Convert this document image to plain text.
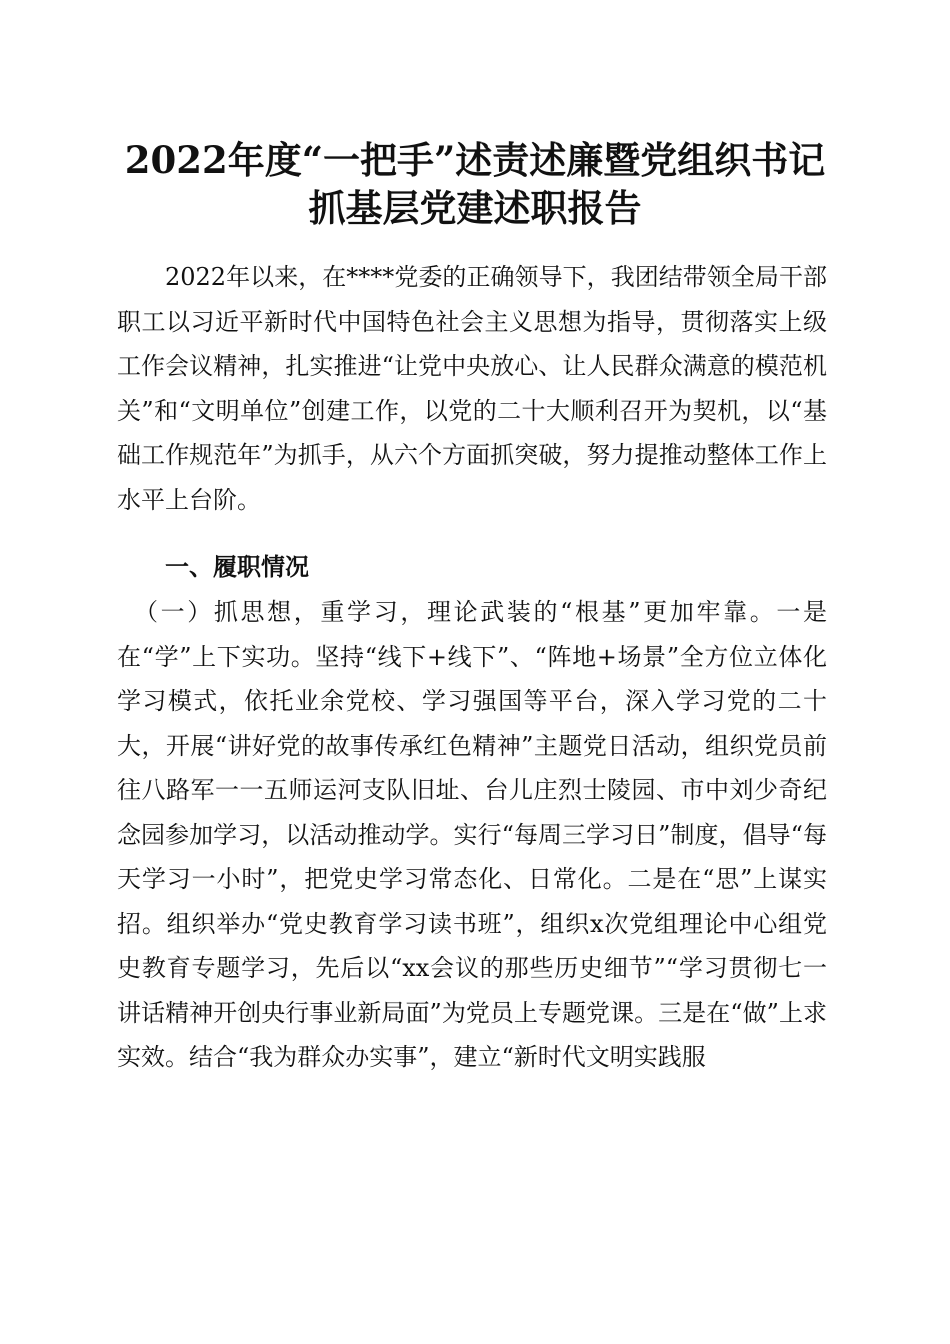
2022年度“一把手”述责述廉暨党组织书记
抓基层党建述职报告

2022年以来，在****党委的正确领导下，我团结带领全局干部职工以习近平新时代中国特色社会主义思想为指导，贯彻落实上级工作会议精神，扎实推进“让党中央放心、让人民群众满意的模范机关”和“文明单位”创建工作，以党的二十大顺利召开为契机，以“基础工作规范年”为抓手，从六个方面抓突破，努力提推动整体工作上水平上台阶。

一、履职情况

（一）抓思想，重学习，理论武装的“根基”更加牢靠。一是在“学”上下实功。坚持“线下+线下”、“阵地+场景”全方位立体化学习模式，依托业余党校、学习强国等平台，深入学习党的二十大，开展“讲好党的故事传承红色精神”主题党日活动，组织党员前往八路军一一五师运河支队旧址、台儿庄烈士陵园、市中刘少奇纪念园参加学习，以活动推动学。实行“每周三学习日”制度，倡导“每天学习一小时”，把党史学习常态化、日常化。二是在“思”上谋实招。组织举办“党史教育学习读书班”，组织x次党组理论中心组党史教育专题学习，先后以“xx会议的那些历史细节”“学习贯彻七一讲话精神开创央行事业新局面”为党员上专题党课。三是在“做”上求实效。结合“我为群众办实事”，建立“新时代文明实践服
